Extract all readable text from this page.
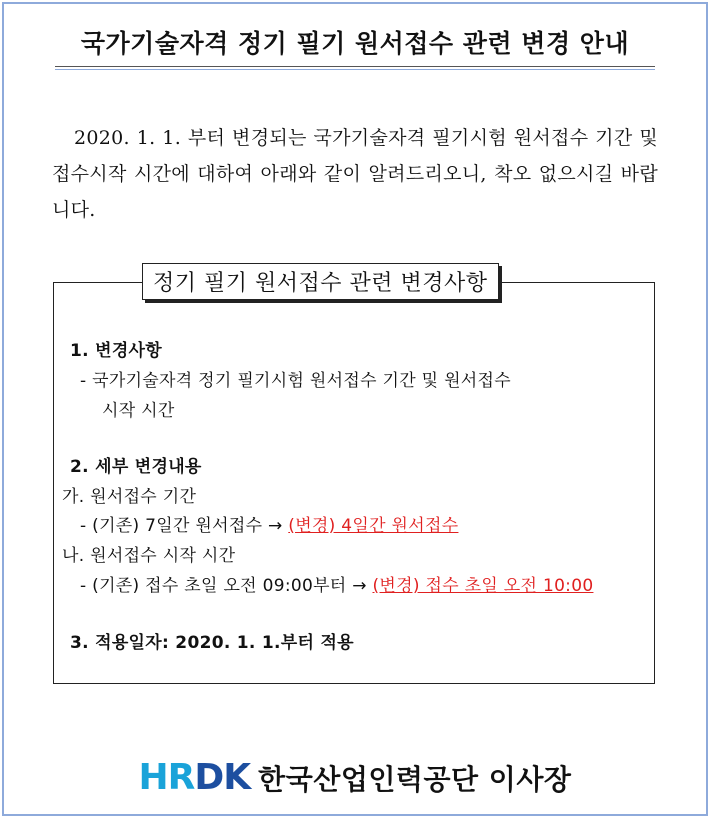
국가기술자격 정기 필기 원서접수 관련 변경 안내
2020. 1. 1. 부터 변경되는 국가기술자격 필기시험 원서접수 기간 및 접수시작 시간에 대하여 아래와 같이 알려드리오니, 착오 없으시길 바랍니다.
정기 필기 원서접수 관련 변경사항
1. 변경사항
- 국가기술자격 정기 필기시험 원서접수 기간 및 원서접수
시작 시간
2. 세부 변경내용
가. 원서접수 기간
- (기존) 7일간 원서접수 → (변경) 4일간 원서접수
나. 원서접수 시작 시간
- (기존) 접수 초일 오전 09:00부터 → (변경) 접수 초일 오전 10:00
3. 적용일자: 2020. 1. 1.부터 적용
HRDK 한국산업인력공단 이사장
